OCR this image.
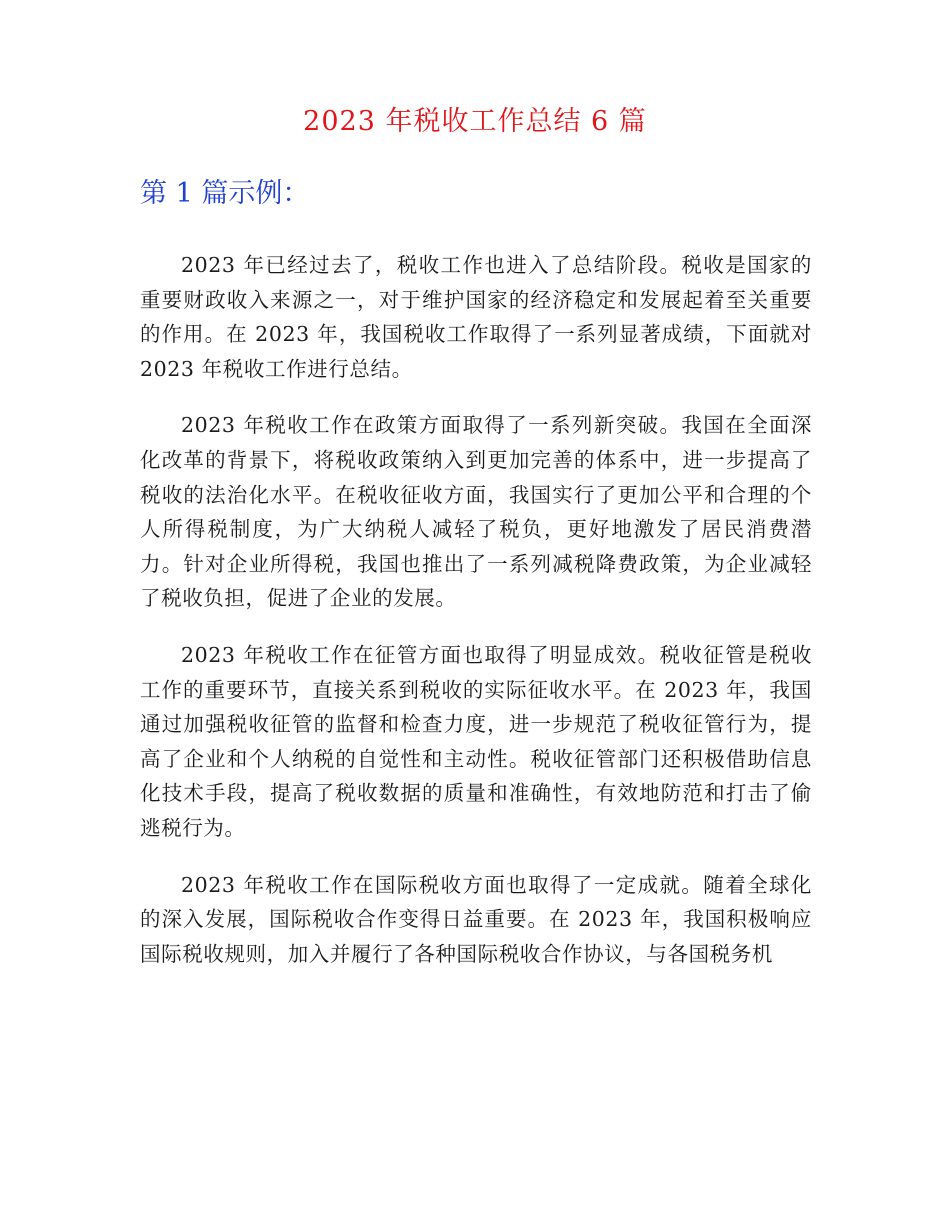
2023 年税收工作总结 6 篇
第 1 篇示例：

2023 年已经过去了，税收工作也进入了总结阶段。税收是国家的重要财政收入来源之一，对于维护国家的经济稳定和发展起着至关重要的作用。在 2023 年，我国税收工作取得了一系列显著成绩，下面就对 2023 年税收工作进行总结。

2023 年税收工作在政策方面取得了一系列新突破。我国在全面深化改革的背景下，将税收政策纳入到更加完善的体系中，进一步提高了税收的法治化水平。在税收征收方面，我国实行了更加公平和合理的个人所得税制度，为广大纳税人减轻了税负，更好地激发了居民消费潜力。针对企业所得税，我国也推出了一系列减税降费政策，为企业减轻了税收负担，促进了企业的发展。

2023 年税收工作在征管方面也取得了明显成效。税收征管是税收工作的重要环节，直接关系到税收的实际征收水平。在 2023 年，我国通过加强税收征管的监督和检查力度，进一步规范了税收征管行为，提高了企业和个人纳税的自觉性和主动性。税收征管部门还积极借助信息化技术手段，提高了税收数据的质量和准确性，有效地防范和打击了偷逃税行为。

2023 年税收工作在国际税收方面也取得了一定成就。随着全球化的深入发展，国际税收合作变得日益重要。在 2023 年，我国积极响应国际税收规则，加入并履行了各种国际税收合作协议，与各国税务机
